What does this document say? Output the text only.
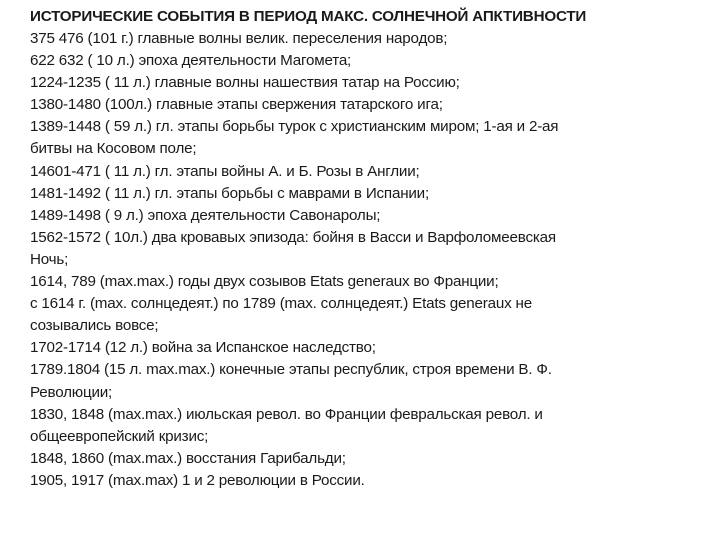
ИСТОРИЧЕСКИЕ СОБЫТИЯ В ПЕРИОД МАКС. СОЛНЕЧНОЙ АПКТИВНОСТИ
375 476 (101 г.) главные волны велик. переселения народов;
622 632 ( 10 л.) эпоха деятельности Магомета;
1224-1235 ( 11 л.) главные волны нашествия татар на Россию;
1380-1480 (100л.) главные этапы свержения татарского ига;
1389-1448 ( 59 л.) гл. этапы борьбы турок с христианским миром; 1-ая и 2-ая
битвы на Косовом поле;
14601-471 ( 11 л.) гл. этапы войны А. и Б. Розы в Англии;
1481-1492 ( 11 л.) гл. этапы борьбы с маврами в Испании;
1489-1498 ( 9 л.) эпоха деятельности Савонаролы;
1562-1572 ( 10л.) два кровавых эпизода: бойня в Васси и Варфоломеевская
Ночь;
1614, 789 (max.max.) годы двух созывов Etats generaux во Франции;
с 1614 г. (max. солнцедеят.) по 1789 (max. солнцедеят.) Etats generaux не
созывались вовсе;
1702-1714 (12 л.) война за Испанское наследство;
1789.1804 (15 л. max.max.) конечные этапы республик, строя времени В. Ф.
Революции;
1830, 1848 (max.max.) июльская револ. во Франции февральская револ. и
общеевропейский кризис;
1848, 1860 (max.max.) восстания Гарибальди;
1905, 1917 (max.max) 1 и 2 революции в России.
